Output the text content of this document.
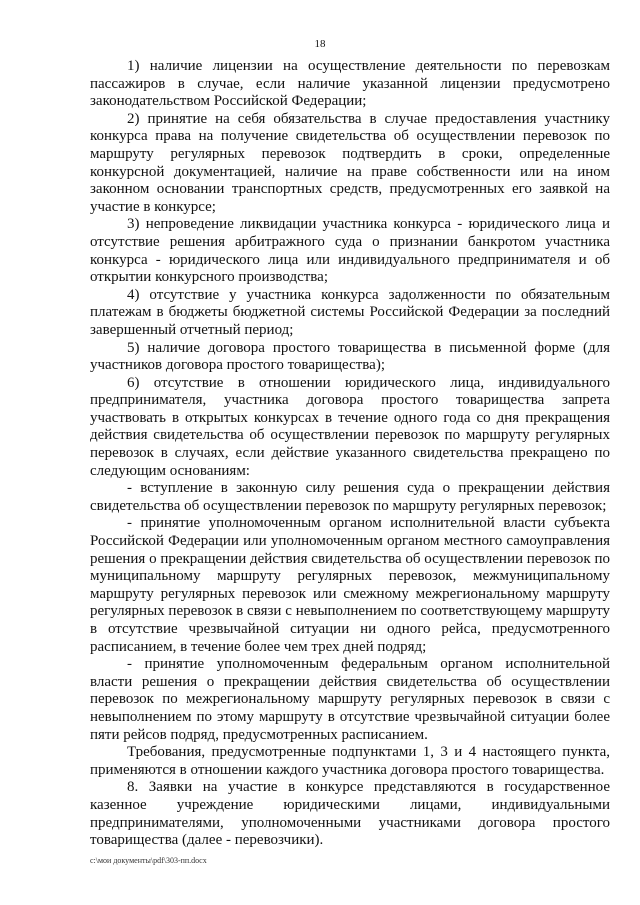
18

1) наличие лицензии на осуществление деятельности по перевозкам пассажиров в случае, если наличие указанной лицензии предусмотрено законодательством Российской Федерации;

2) принятие на себя обязательства в случае предоставления участнику конкурса права на получение свидетельства об осуществлении перевозок по маршруту регулярных перевозок подтвердить в сроки, определенные конкурсной документацией, наличие на праве собственности или на ином законном основании транспортных средств, предусмотренных его заявкой на участие в конкурсе;

3) непроведение ликвидации участника конкурса - юридического лица и отсутствие решения арбитражного суда о признании банкротом участника конкурса - юридического лица или индивидуального предпринимателя и об открытии конкурсного производства;

4) отсутствие у участника конкурса задолженности по обязательным платежам в бюджеты бюджетной системы Российской Федерации за последний завершенный отчетный период;

5) наличие договора простого товарищества в письменной форме (для участников договора простого товарищества);

6) отсутствие в отношении юридического лица, индивидуального предпринимателя, участника договора простого товарищества запрета участвовать в открытых конкурсах в течение одного года со дня прекращения действия свидетельства об осуществлении перевозок по маршруту регулярных перевозок в случаях, если действие указанного свидетельства прекращено по следующим основаниям:

- вступление в законную силу решения суда о прекращении действия свидетельства об осуществлении перевозок по маршруту регулярных перевозок;

- принятие уполномоченным органом исполнительной власти субъекта Российской Федерации или уполномоченным органом местного самоуправления решения о прекращении действия свидетельства об осуществлении перевозок по муниципальному маршруту регулярных перевозок, межмуниципальному маршруту регулярных перевозок или смежному межрегиональному маршруту регулярных перевозок в связи с невыполнением по соответствующему маршруту в отсутствие чрезвычайной ситуации ни одного рейса, предусмотренного расписанием, в течение более чем трех дней подряд;

- принятие уполномоченным федеральным органом исполнительной власти решения о прекращении действия свидетельства об осуществлении перевозок по межрегиональному маршруту регулярных перевозок в связи с невыполнением по этому маршруту в отсутствие чрезвычайной ситуации более пяти рейсов подряд, предусмотренных расписанием.

Требования, предусмотренные подпунктами 1, 3 и 4 настоящего пункта, применяются в отношении каждого участника договора простого товарищества.

8. Заявки на участие в конкурсе представляются в государственное казенное учреждение юридическими лицами, индивидуальными предпринимателями, уполномоченными участниками договора простого товарищества (далее - перевозчики).

c:\мои документы\pdf\303-пп.docx
